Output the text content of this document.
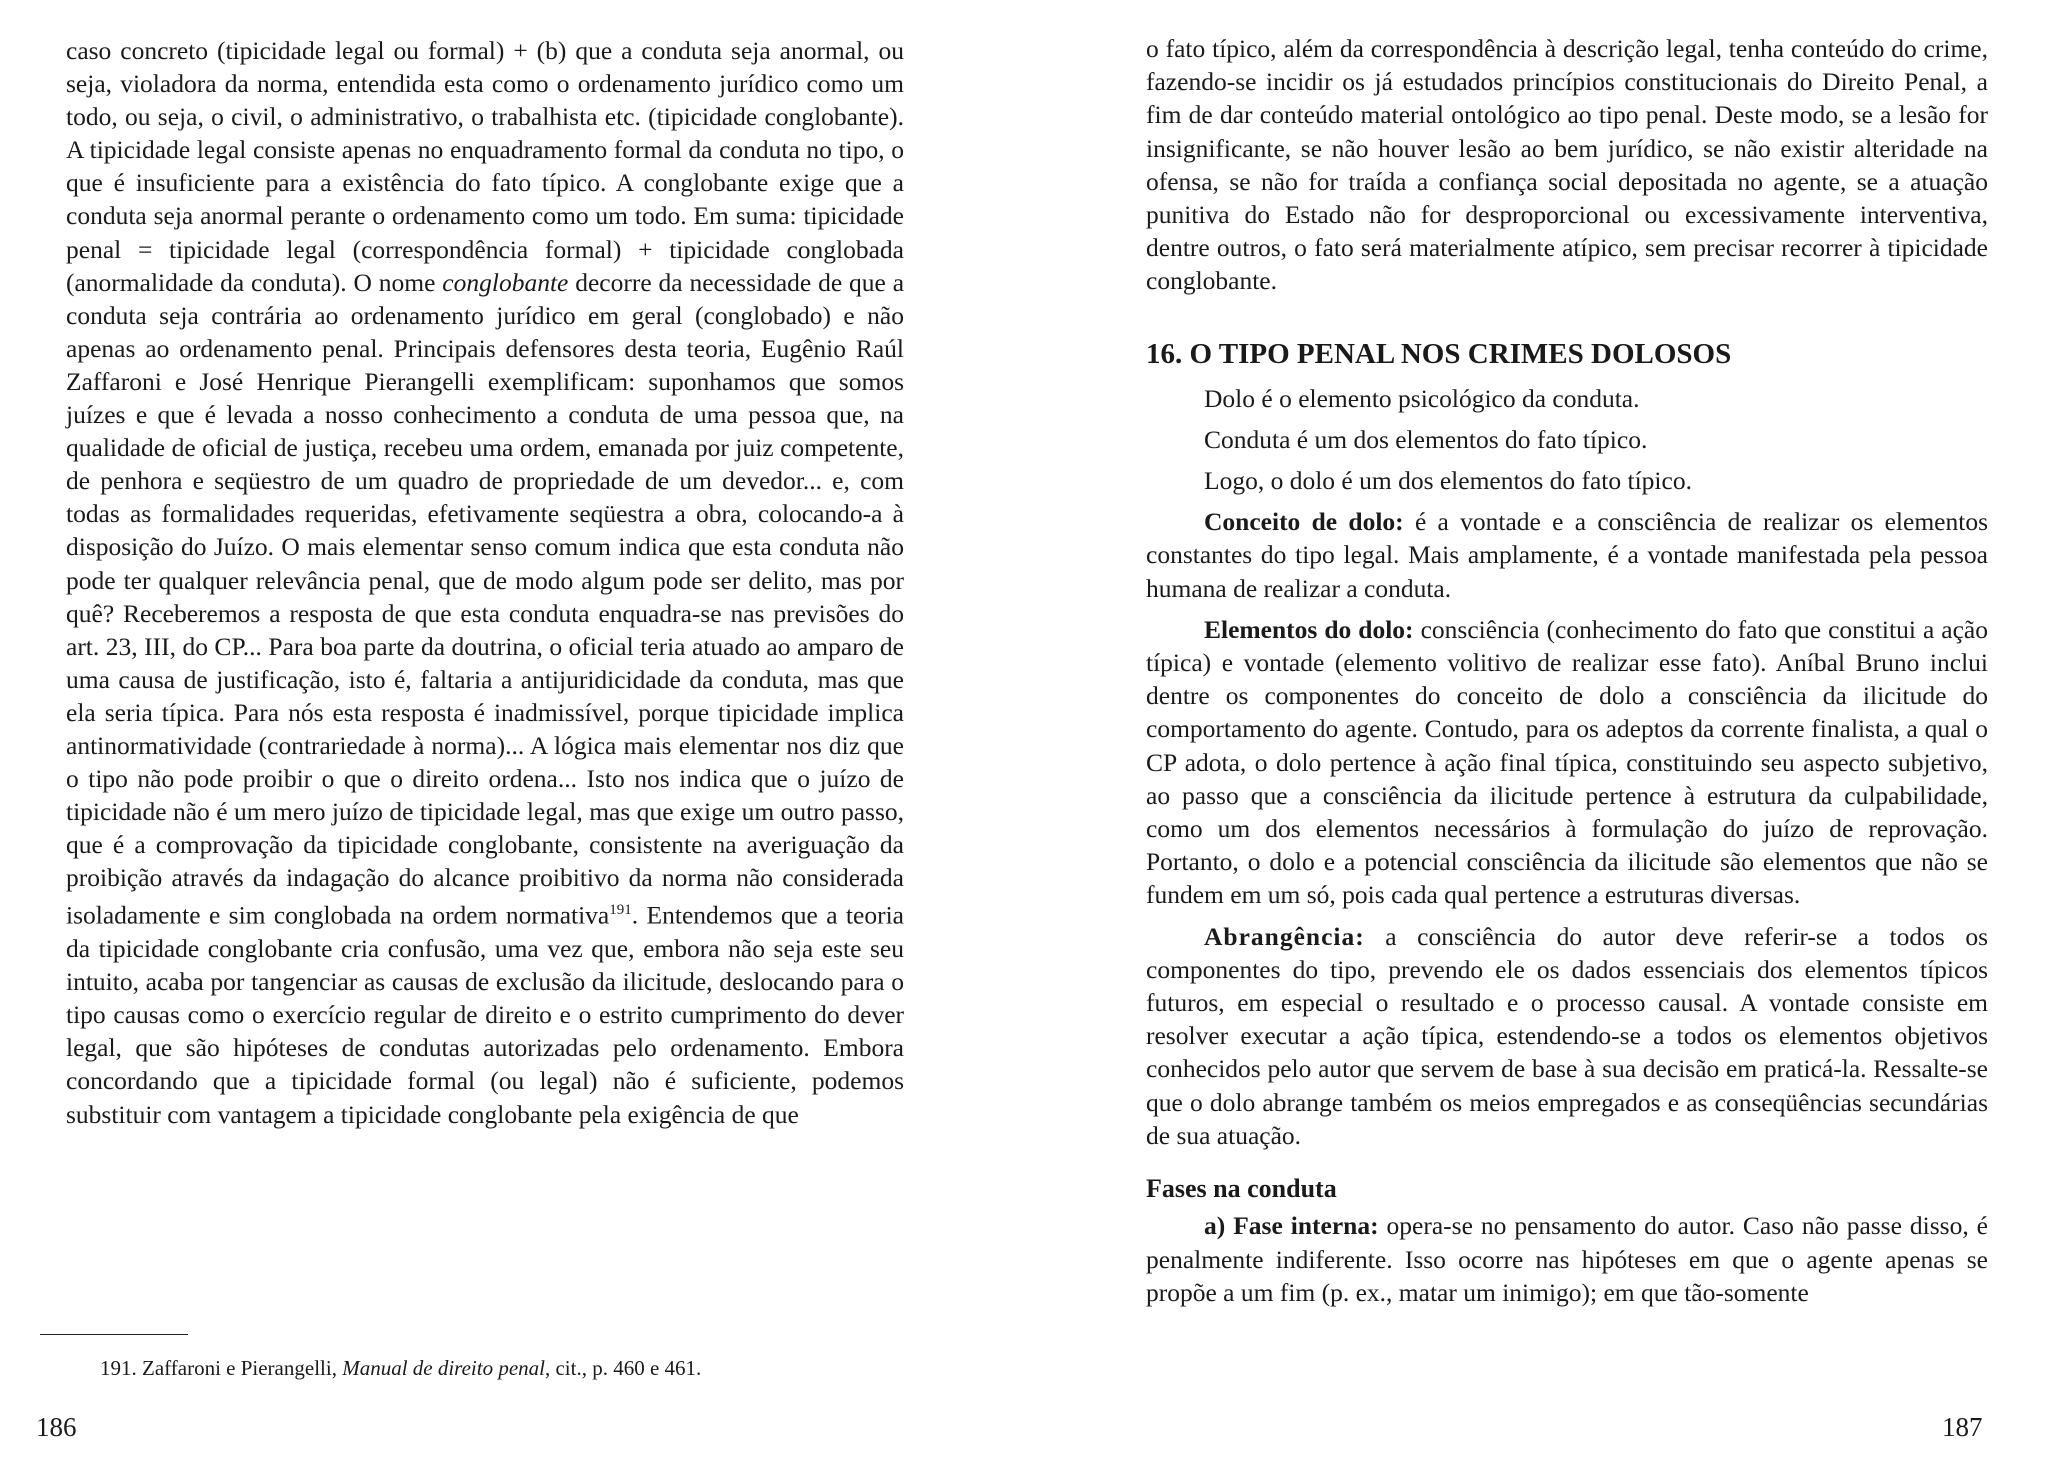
caso concreto (tipicidade legal ou formal) + (b) que a conduta seja anormal, ou seja, violadora da norma, entendida esta como o ordenamento jurídico como um todo, ou seja, o civil, o administrativo, o trabalhista etc. (tipicidade conglobante). A tipicidade legal consiste apenas no enquadramento formal da conduta no tipo, o que é insuficiente para a existência do fato típico. A conglobante exige que a conduta seja anormal perante o ordenamento como um todo. Em suma: tipicidade penal = tipicidade legal (correspondência formal) + tipicidade conglobada (anormalidade da conduta). O nome conglobante decorre da necessidade de que a conduta seja contrária ao ordenamento jurídico em geral (conglobado) e não apenas ao ordenamento penal. Principais defensores desta teoria, Eugênio Raúl Zaffaroni e José Henrique Pierangelli exemplificam: suponhamos que somos juízes e que é levada a nosso conhecimento a conduta de uma pessoa que, na qualidade de oficial de justiça, recebeu uma ordem, emanada por juiz competente, de penhora e seqüestro de um quadro de propriedade de um devedor... e, com todas as formalidades requeridas, efetivamente seqüestra a obra, colocando-a à disposição do Juízo. O mais elementar senso comum indica que esta conduta não pode ter qualquer relevância penal, que de modo algum pode ser delito, mas por quê? Receberemos a resposta de que esta conduta enquadra-se nas previsões do art. 23, III, do CP... Para boa parte da doutrina, o oficial teria atuado ao amparo de uma causa de justificação, isto é, faltaria a antijuridicidade da conduta, mas que ela seria típica. Para nós esta resposta é inadmissível, porque tipicidade implica antinormatividade (contrariedade à norma)... A lógica mais elementar nos diz que o tipo não pode proibir o que o direito ordena... Isto nos indica que o juízo de tipicidade não é um mero juízo de tipicidade legal, mas que exige um outro passo, que é a comprovação da tipicidade conglobante, consistente na averiguação da proibição através da indagação do alcance proibitivo da norma não considerada isoladamente e sim conglobada na ordem normativa$^{191}$. Entendemos que a teoria da tipicidade conglobante cria confusão, uma vez que, embora não seja este seu intuito, acaba por tangenciar as causas de exclusão da ilicitude, deslocando para o tipo causas como o exercício regular de direito e o estrito cumprimento do dever legal, que são hipóteses de condutas autorizadas pelo ordenamento. Embora concordando que a tipicidade formal (ou legal) não é suficiente, podemos substituir com vantagem a tipicidade conglobante pela exigência de que

191. Zaffaroni e Pierangelli, Manual de direito penal, cit., p. 460 e 461.
186

o fato típico, além da correspondência à descrição legal, tenha conteúdo do crime, fazendo-se incidir os já estudados princípios constitucionais do Direito Penal, a fim de dar conteúdo material ontológico ao tipo penal. Deste modo, se a lesão for insignificante, se não houver lesão ao bem jurídico, se não existir alteridade na ofensa, se não for traída a confiança social depositada no agente, se a atuação punitiva do Estado não for desproporcional ou excessivamente interventiva, dentre outros, o fato será materialmente atípico, sem precisar recorrer à tipicidade conglobante.

16. O TIPO PENAL NOS CRIMES DOLOSOS

Dolo é o elemento psicológico da conduta.

Conduta é um dos elementos do fato típico.

Logo, o dolo é um dos elementos do fato típico.

Conceito de dolo: é a vontade e a consciência de realizar os elementos constantes do tipo legal. Mais amplamente, é a vontade manifestada pela pessoa humana de realizar a conduta.

Elementos do dolo: consciência (conhecimento do fato que constitui a ação típica) e vontade (elemento volitivo de realizar esse fato). Aníbal Bruno inclui dentre os componentes do conceito de dolo a consciência da ilicitude do comportamento do agente. Contudo, para os adeptos da corrente finalista, a qual o CP adota, o dolo pertence à ação final típica, constituindo seu aspecto subjetivo, ao passo que a consciência da ilicitude pertence à estrutura da culpabilidade, como um dos elementos necessários à formulação do juízo de reprovação. Portanto, o dolo e a potencial consciência da ilicitude são elementos que não se fundem em um só, pois cada qual pertence a estruturas diversas.

Abrangência: a consciência do autor deve referir-se a todos os componentes do tipo, prevendo ele os dados essenciais dos elementos típicos futuros, em especial o resultado e o processo causal. A vontade consiste em resolver executar a ação típica, estendendo-se a todos os elementos objetivos conhecidos pelo autor que servem de base à sua decisão em praticá-la. Ressalte-se que o dolo abrange também os meios empregados e as conseqüências secundárias de sua atuação.

Fases na conduta

a) Fase interna: opera-se no pensamento do autor. Caso não passe disso, é penalmente indiferente. Isso ocorre nas hipóteses em que o agente apenas se propõe a um fim (p. ex., matar um inimigo); em que tão-somente

187
